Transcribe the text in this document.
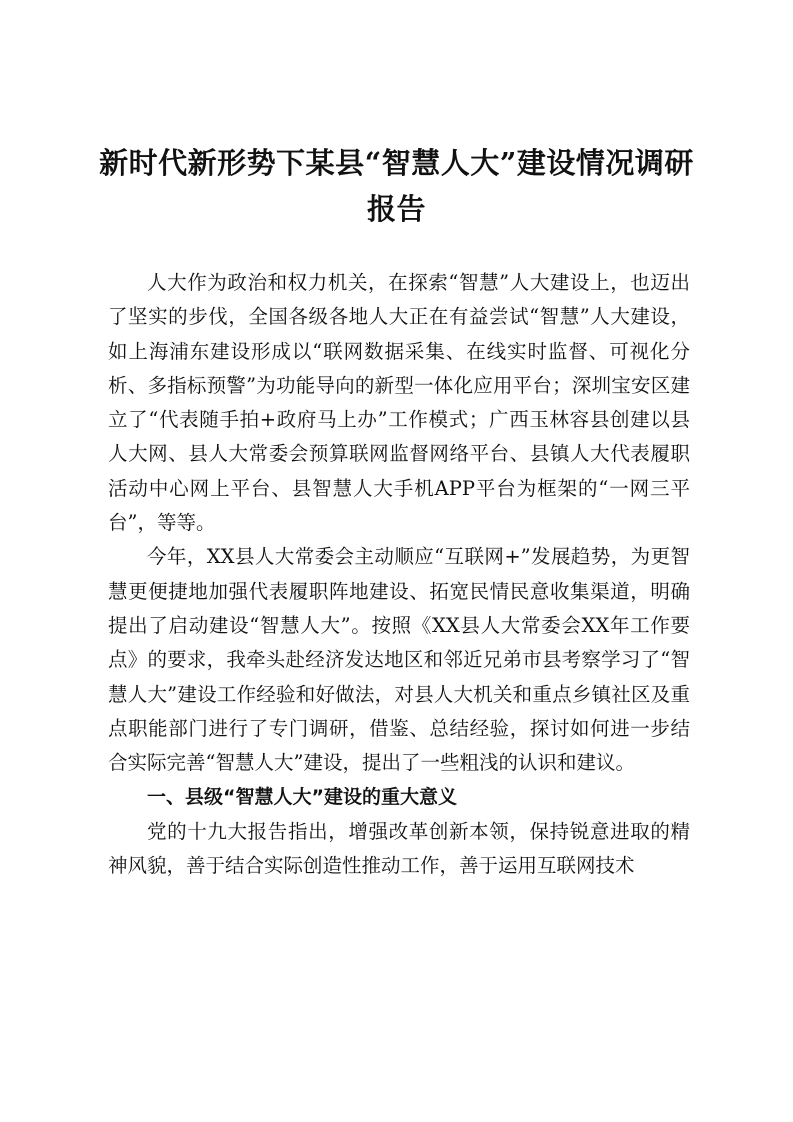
新时代新形势下某县“智慧人大”建设情况调研报告

人大作为政治和权力机关，在探索“智慧”人大建设上，也迈出了坚实的步伐，全国各级各地人大正在有益尝试“智慧”人大建设，如上海浦东建设形成以“联网数据采集、在线实时监督、可视化分析、多指标预警”为功能导向的新型一体化应用平台；深圳宝安区建立了“代表随手拍+政府马上办”工作模式；广西玉林容县创建以县人大网、县人大常委会预算联网监督网络平台、县镇人大代表履职活动中心网上平台、县智慧人大手机APP平台为框架的“一网三平台”，等等。

今年，XX县人大常委会主动顺应“互联网+”发展趋势，为更智慧更便捷地加强代表履职阵地建设、拓宽民情民意收集渠道，明确提出了启动建设“智慧人大”。按照《XX县人大常委会XX年工作要点》的要求，我牵头赴经济发达地区和邻近兄弟市县考察学习了“智慧人大”建设工作经验和好做法，对县人大机关和重点乡镇社区及重点职能部门进行了专门调研，借鉴、总结经验，探讨如何进一步结合实际完善“智慧人大”建设，提出了一些粗浅的认识和建议。

一、县级“智慧人大”建设的重大意义

党的十九大报告指出，增强改革创新本领，保持锐意进取的精神风貌，善于结合实际创造性推动工作，善于运用互联网技术
